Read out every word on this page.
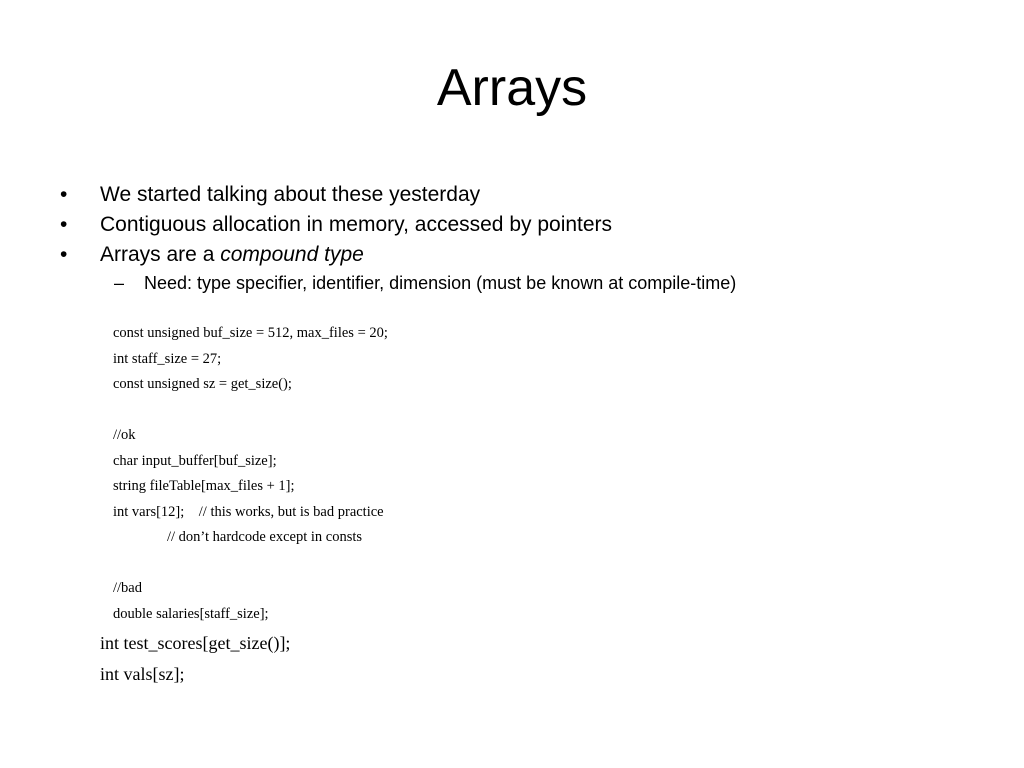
Arrays
• We started talking about these yesterday
• Contiguous allocation in memory, accessed by pointers
• Arrays are a compound type
– Need: type specifier, identifier, dimension (must be known at compile-time)
const unsigned buf_size = 512, max_files = 20;
int staff_size = 27;
const unsigned sz = get_size();
//ok
char input_buffer[buf_size];
string fileTable[max_files + 1];
int vars[12];    // this works, but is bad practice
// don’t hardcode except in consts
//bad
double salaries[staff_size];
int test_scores[get_size()];
int vals[sz];
